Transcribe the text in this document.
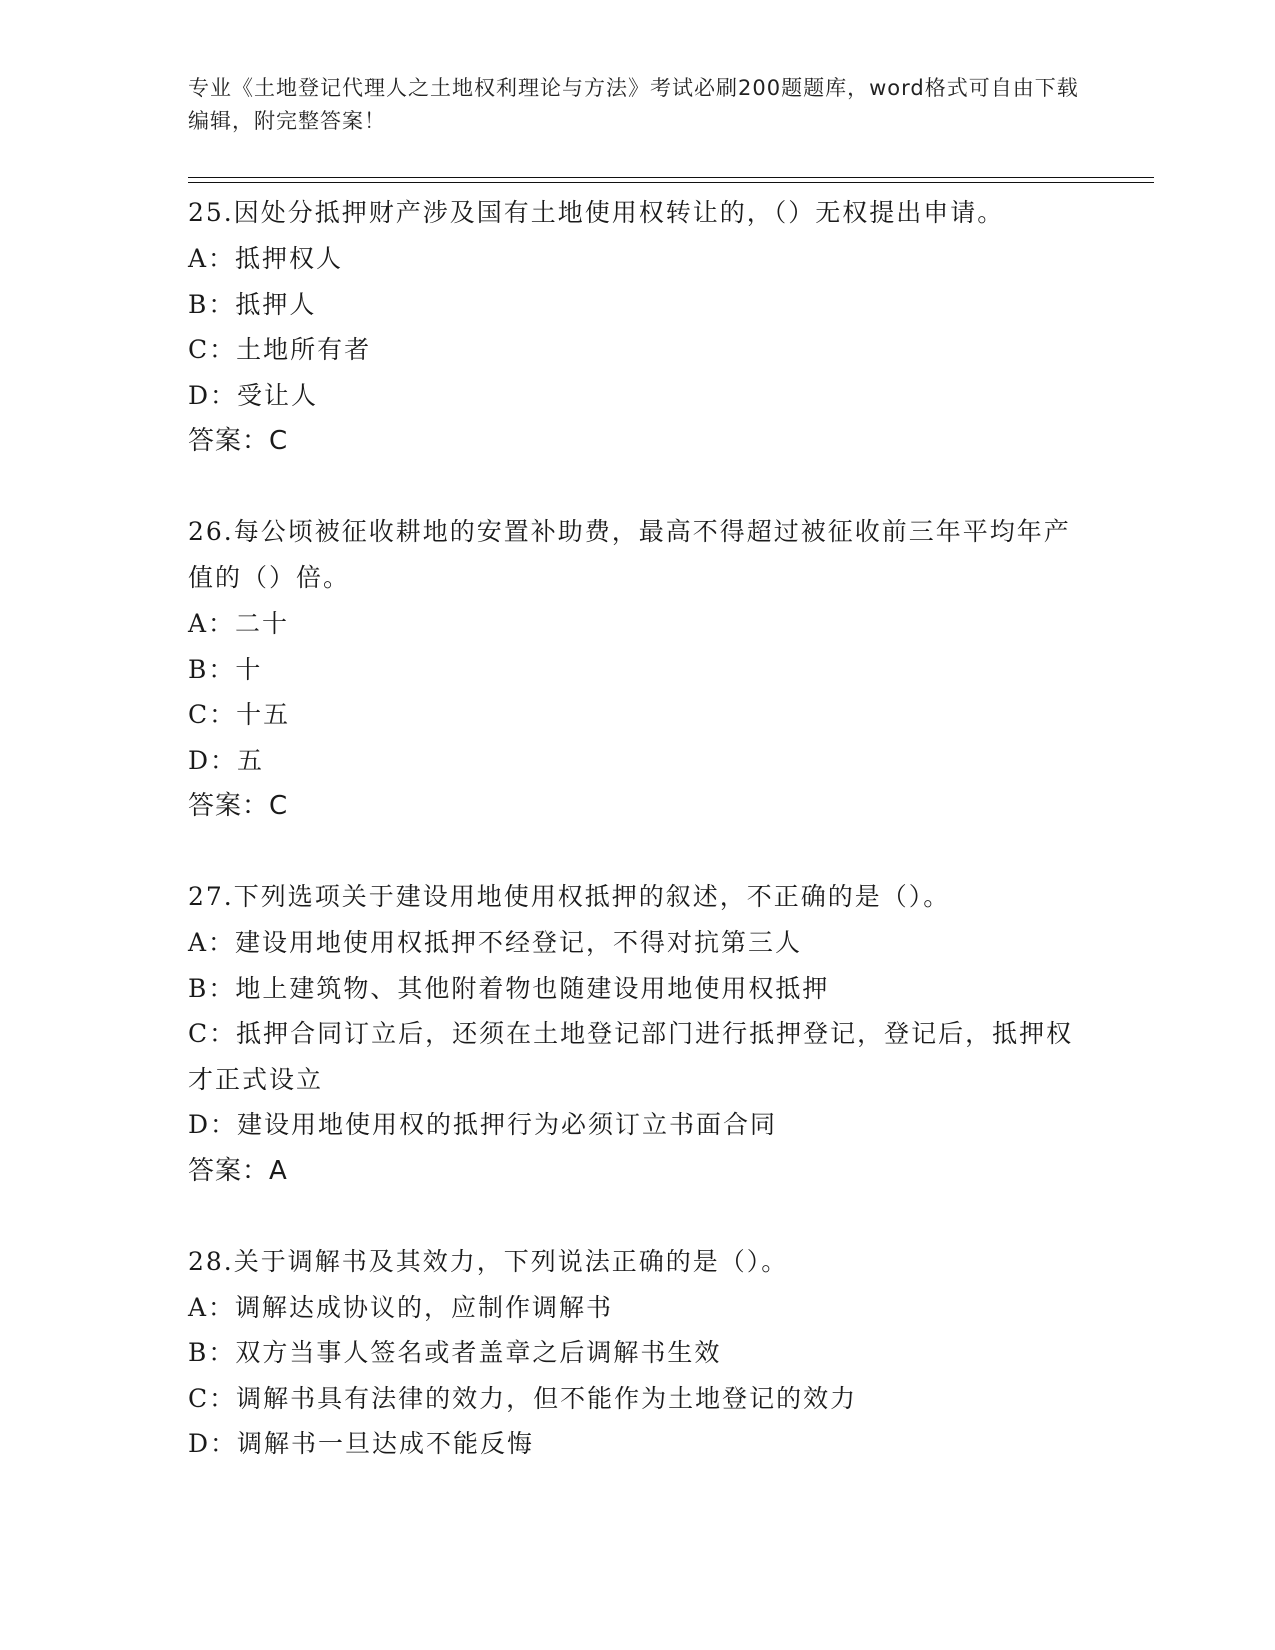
专业《土地登记代理人之土地权利理论与方法》考试必刷200题题库，word格式可自由下载编辑，附完整答案！
25.因处分抵押财产涉及国有土地使用权转让的，（）无权提出申请。
A：抵押权人
B：抵押人
C：土地所有者
D：受让人
答案：C
26.每公顷被征收耕地的安置补助费，最高不得超过被征收前三年平均年产值的（）倍。
A：二十
B：十
C：十五
D：五
答案：C
27.下列选项关于建设用地使用权抵押的叙述，不正确的是（）。
A：建设用地使用权抵押不经登记，不得对抗第三人
B：地上建筑物、其他附着物也随建设用地使用权抵押
C：抵押合同订立后，还须在土地登记部门进行抵押登记，登记后，抵押权才正式设立
D：建设用地使用权的抵押行为必须订立书面合同
答案：A
28.关于调解书及其效力，下列说法正确的是（）。
A：调解达成协议的，应制作调解书
B：双方当事人签名或者盖章之后调解书生效
C：调解书具有法律的效力，但不能作为土地登记的效力
D：调解书一旦达成不能反悔
